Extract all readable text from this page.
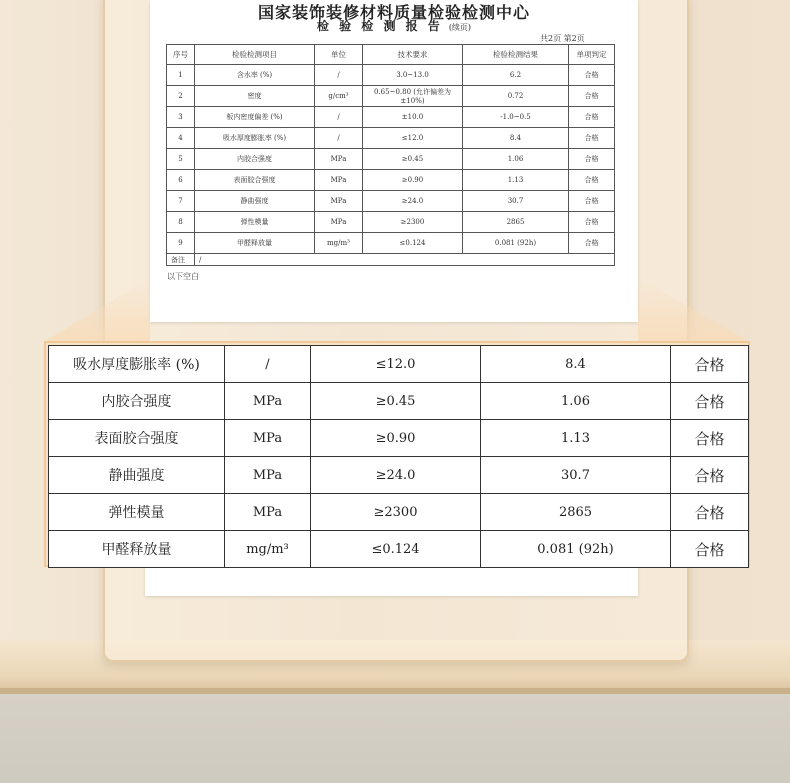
国家装饰装修材料质量检验检测中心
检 验 检 测 报 告 (续页)
共2页 第2页
序号	检验检测项目	单位	技术要求	检验检测结果	单项判定
1	含水率 (%)	/	3.0~13.0	6.2	合格
2	密度	g/cm³	0.65~0.80 (允许偏差为±10%)	0.72	合格
3	板内密度偏差 (%)	/	±10.0	-1.0~0.5	合格
4	吸水厚度膨胀率 (%)	/	≤12.0	8.4	合格
5	内胶合强度	MPa	≥0.45	1.06	合格
6	表面胶合强度	MPa	≥0.90	1.13	合格
7	静曲强度	MPa	≥24.0	30.7	合格
8	弹性模量	MPa	≥2300	2865	合格
9	甲醛释放量	mg/m³	≤0.124	0.081 (92h)	合格
备注	/				
以下空白
吸水厚度膨胀率 (%)	/	≤12.0	8.4	合格
内胶合强度	MPa	≥0.45	1.06	合格
表面胶合强度	MPa	≥0.90	1.13	合格
静曲强度	MPa	≥24.0	30.7	合格
弹性模量	MPa	≥2300	2865	合格
甲醛释放量	mg/m³	≤0.124	0.081 (92h)	合格
